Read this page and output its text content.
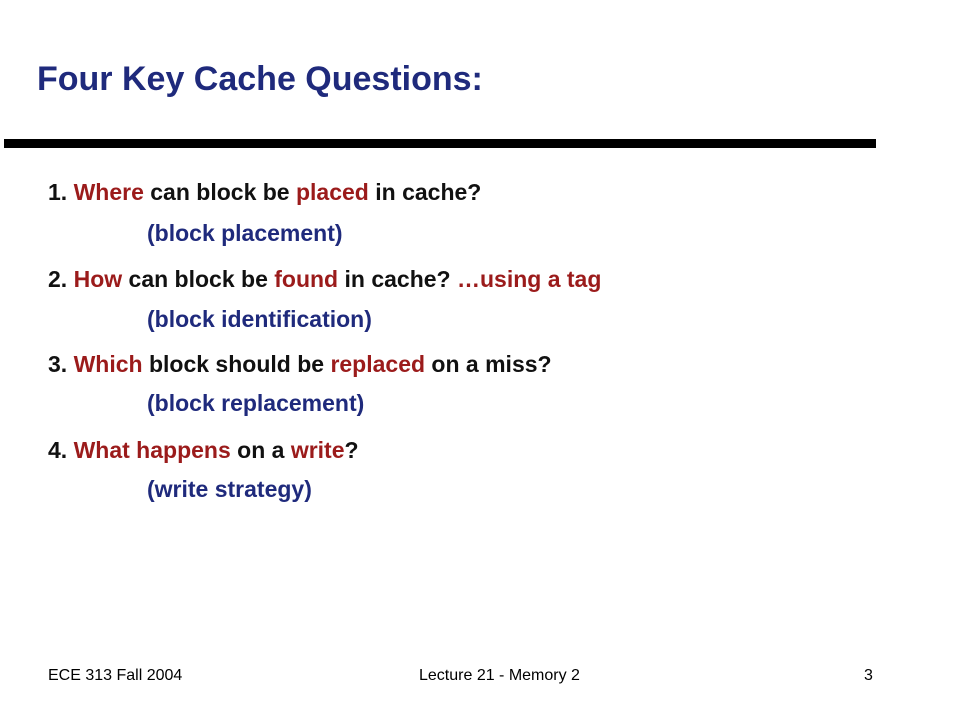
Four Key Cache Questions:
1. Where can block be placed in cache?
(block placement)
2. How can block be found in cache? …using a tag
(block identification)
3. Which block should be replaced on a miss?
(block replacement)
4. What happens on a write?
(write strategy)
ECE 313 Fall 2004	Lecture 21 - Memory 2	3
